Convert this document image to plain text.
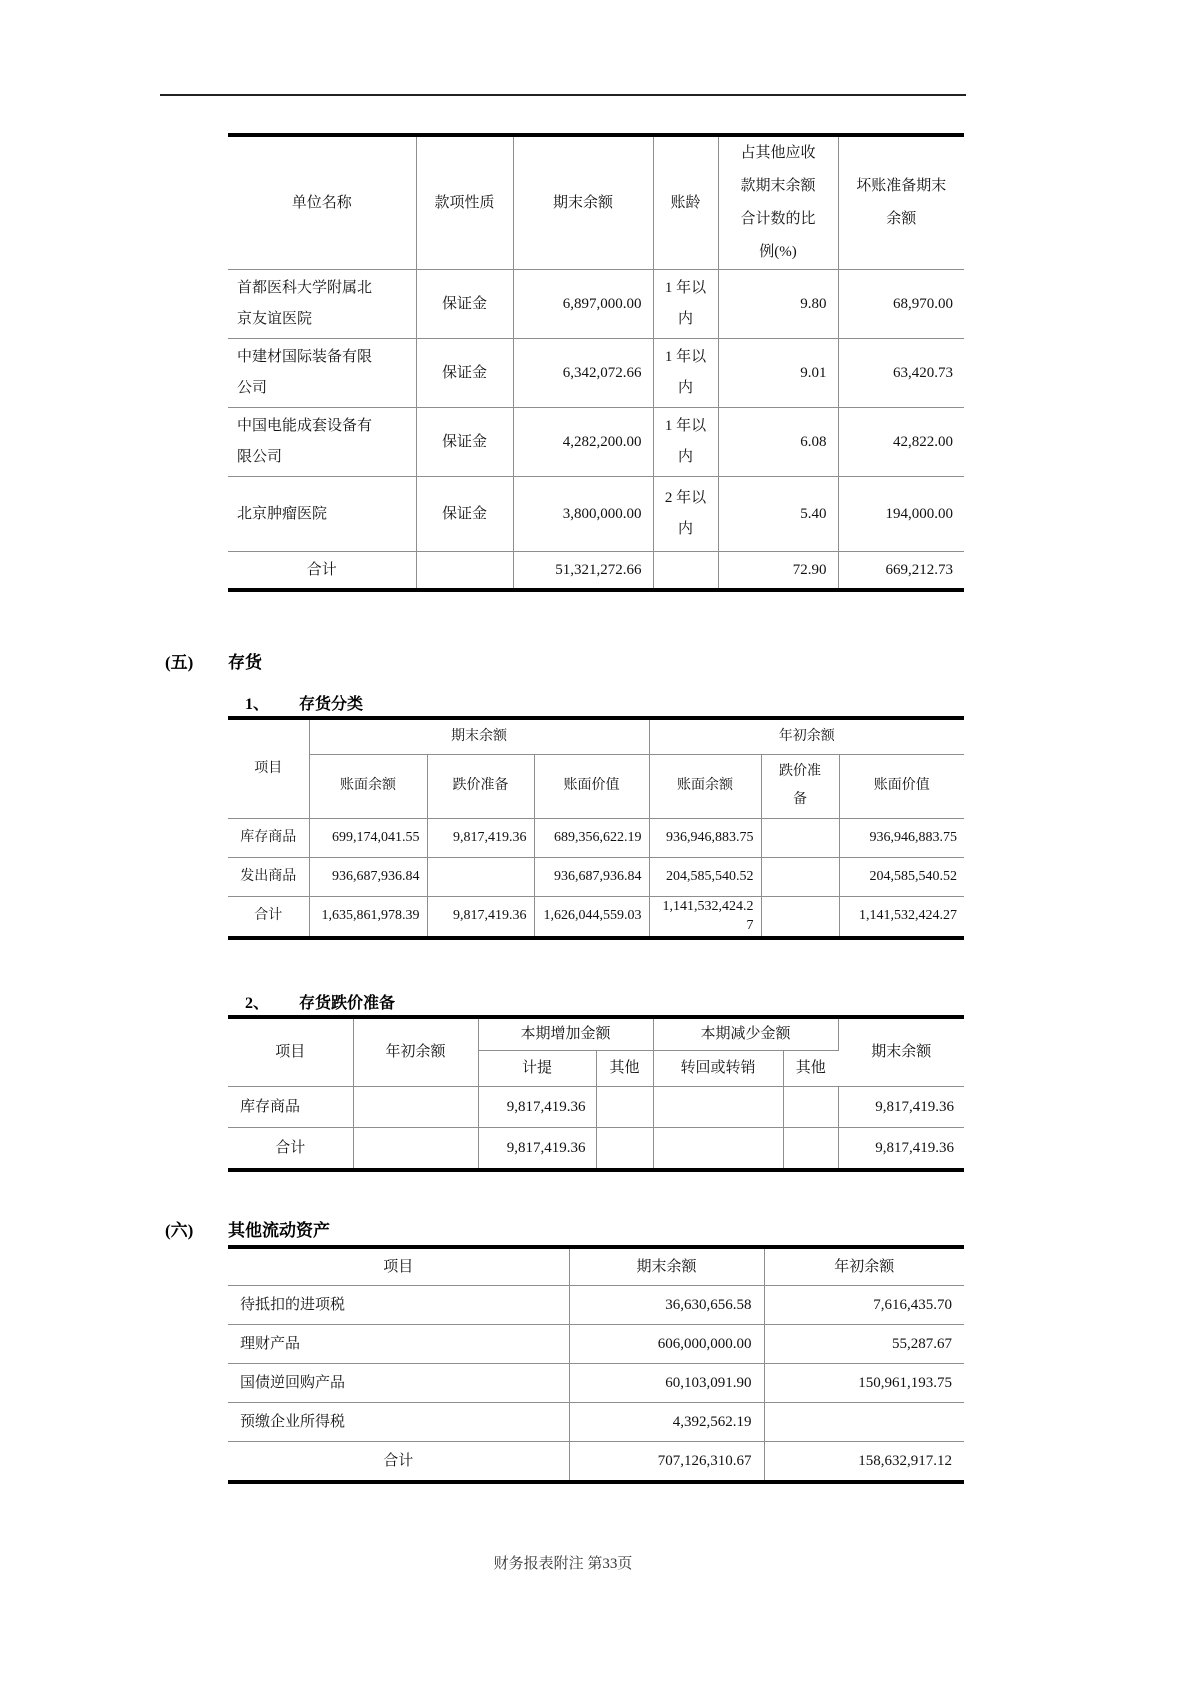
单位名称	款项性质	期末余额	账龄	占其他应收款期末余额合计数的比例(%)	坏账准备期末余额
首都医科大学附属北京友谊医院	保证金	6,897,000.00	1 年以内	9.80	68,970.00
中建材国际装备有限公司	保证金	6,342,072.66	1 年以内	9.01	63,420.73
中国电能成套设备有限公司	保证金	4,282,200.00	1 年以内	6.08	42,822.00
北京肿瘤医院	保证金	3,800,000.00	2 年以内	5.40	194,000.00
合计		51,321,272.66		72.90	669,212.73
(五) 存货
1、 存货分类
项目	期末余额			年初余额		
	账面余额	跌价准备	账面价值	账面余额	跌价准备	账面价值
库存商品	699,174,041.55	9,817,419.36	689,356,622.19	936,946,883.75		936,946,883.75
发出商品	936,687,936.84		936,687,936.84	204,585,540.52		204,585,540.52
合计	1,635,861,978.39	9,817,419.36	1,626,044,559.03	1,141,532,424.27		1,141,532,424.27
2、 存货跌价准备
项目	年初余额	本期增加金额		本期减少金额		期末余额
		计提	其他	转回或转销	其他	
库存商品		9,817,419.36				9,817,419.36
合计		9,817,419.36				9,817,419.36
(六) 其他流动资产
项目	期末余额	年初余额
待抵扣的进项税	36,630,656.58	7,616,435.70
理财产品	606,000,000.00	55,287.67
国债逆回购产品	60,103,091.90	150,961,193.75
预缴企业所得税	4,392,562.19	
合计	707,126,310.67	158,632,917.12
财务报表附注 第33页
